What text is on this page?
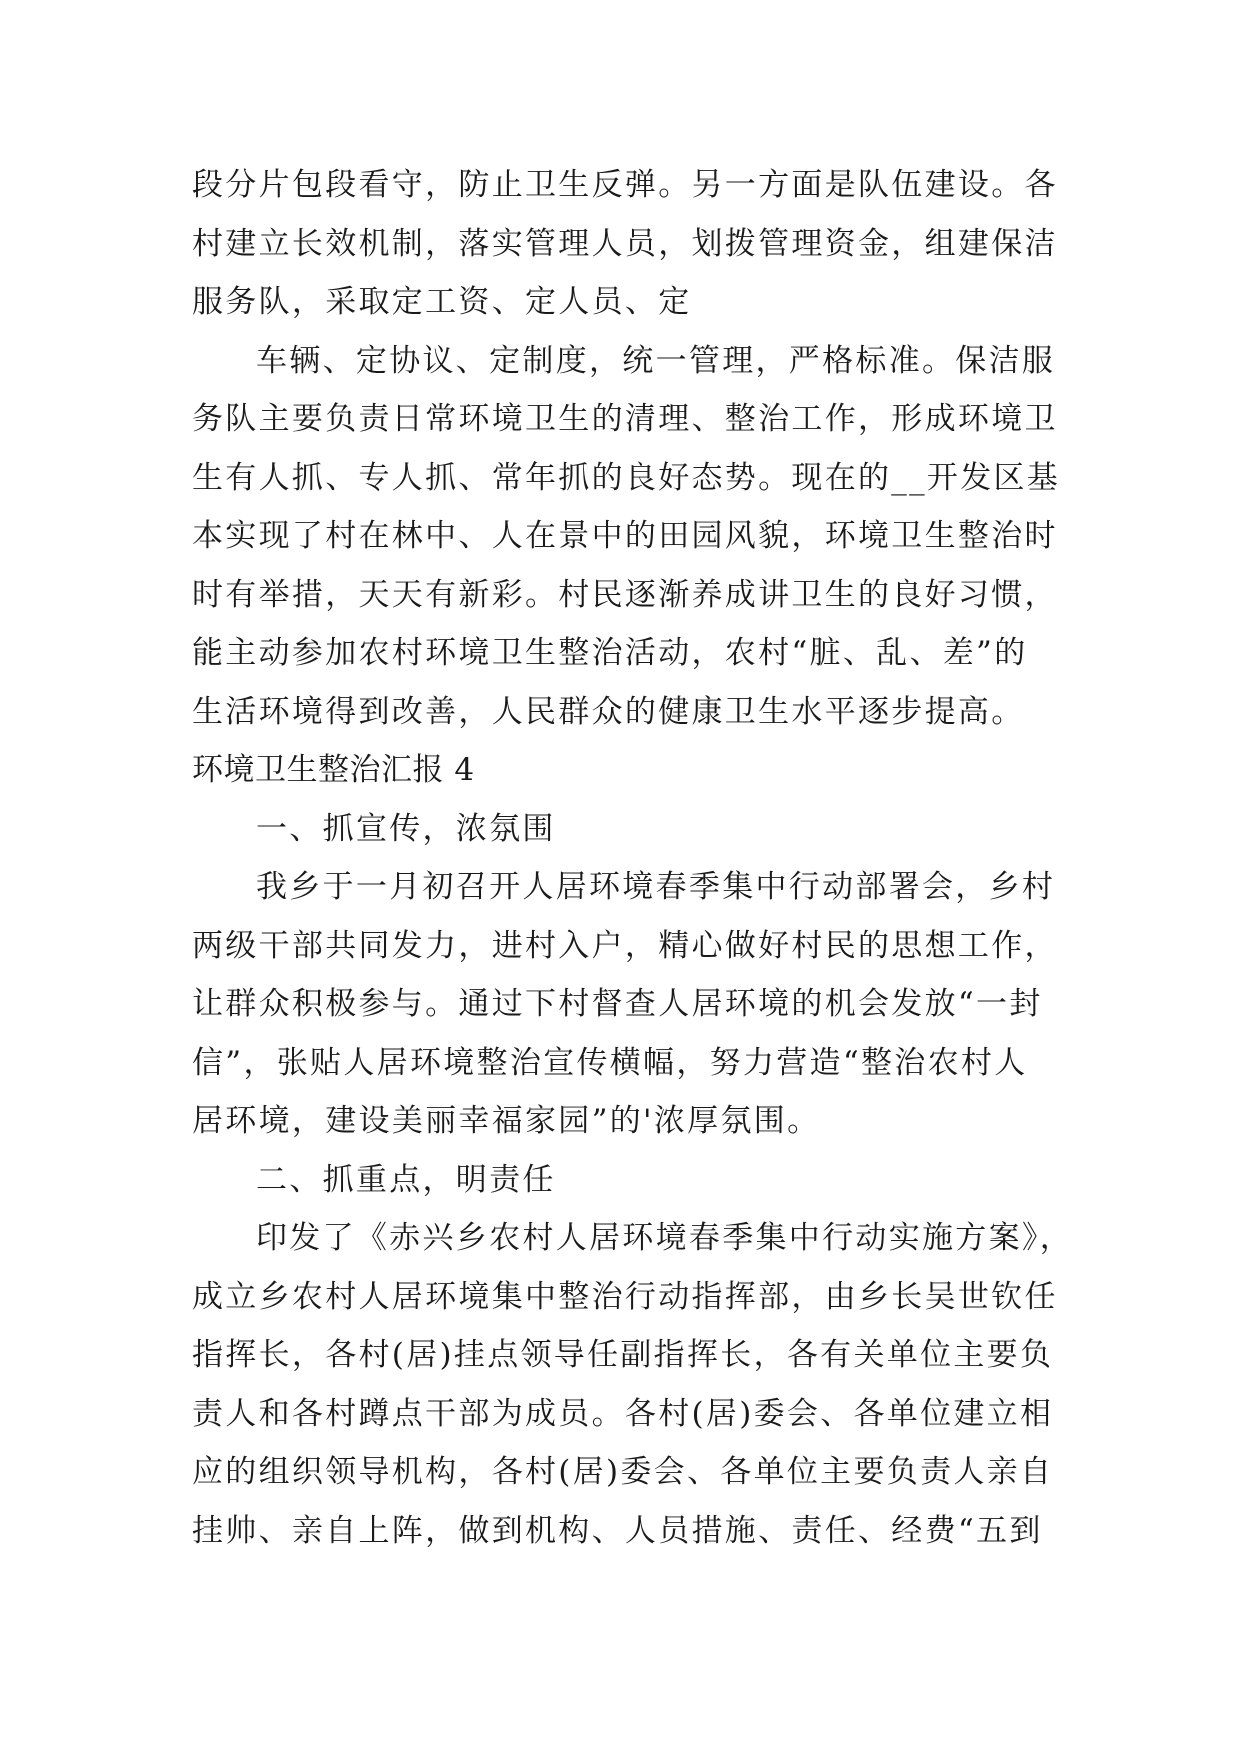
段分片包段看守，防止卫生反弹。另一方面是队伍建设。各
村建立长效机制，落实管理人员，划拨管理资金，组建保洁
服务队，采取定工资、定人员、定
车辆、定协议、定制度，统一管理，严格标准。保洁服
务队主要负责日常环境卫生的清理、整治工作，形成环境卫
生有人抓、专人抓、常年抓的良好态势。现在的__开发区基
本实现了村在林中、人在景中的田园风貌，环境卫生整治时
时有举措，天天有新彩。村民逐渐养成讲卫生的良好习惯，
能主动参加农村环境卫生整治活动，农村“脏、乱、差”的
生活环境得到改善，人民群众的健康卫生水平逐步提高。
环境卫生整治汇报 4
一、抓宣传，浓氛围
我乡于一月初召开人居环境春季集中行动部署会，乡村
两级干部共同发力，进村入户，精心做好村民的思想工作，
让群众积极参与。通过下村督查人居环境的机会发放“一封
信”，张贴人居环境整治宣传横幅，努力营造“整治农村人
居环境，建设美丽幸福家园”的'浓厚氛围。
二、抓重点，明责任
印发了《赤兴乡农村人居环境春季集中行动实施方案》，
成立乡农村人居环境集中整治行动指挥部，由乡长吴世钦任
指挥长，各村(居)挂点领导任副指挥长，各有关单位主要负
责人和各村蹲点干部为成员。各村(居)委会、各单位建立相
应的组织领导机构，各村(居)委会、各单位主要负责人亲自
挂帅、亲自上阵，做到机构、人员措施、责任、经费“五到
